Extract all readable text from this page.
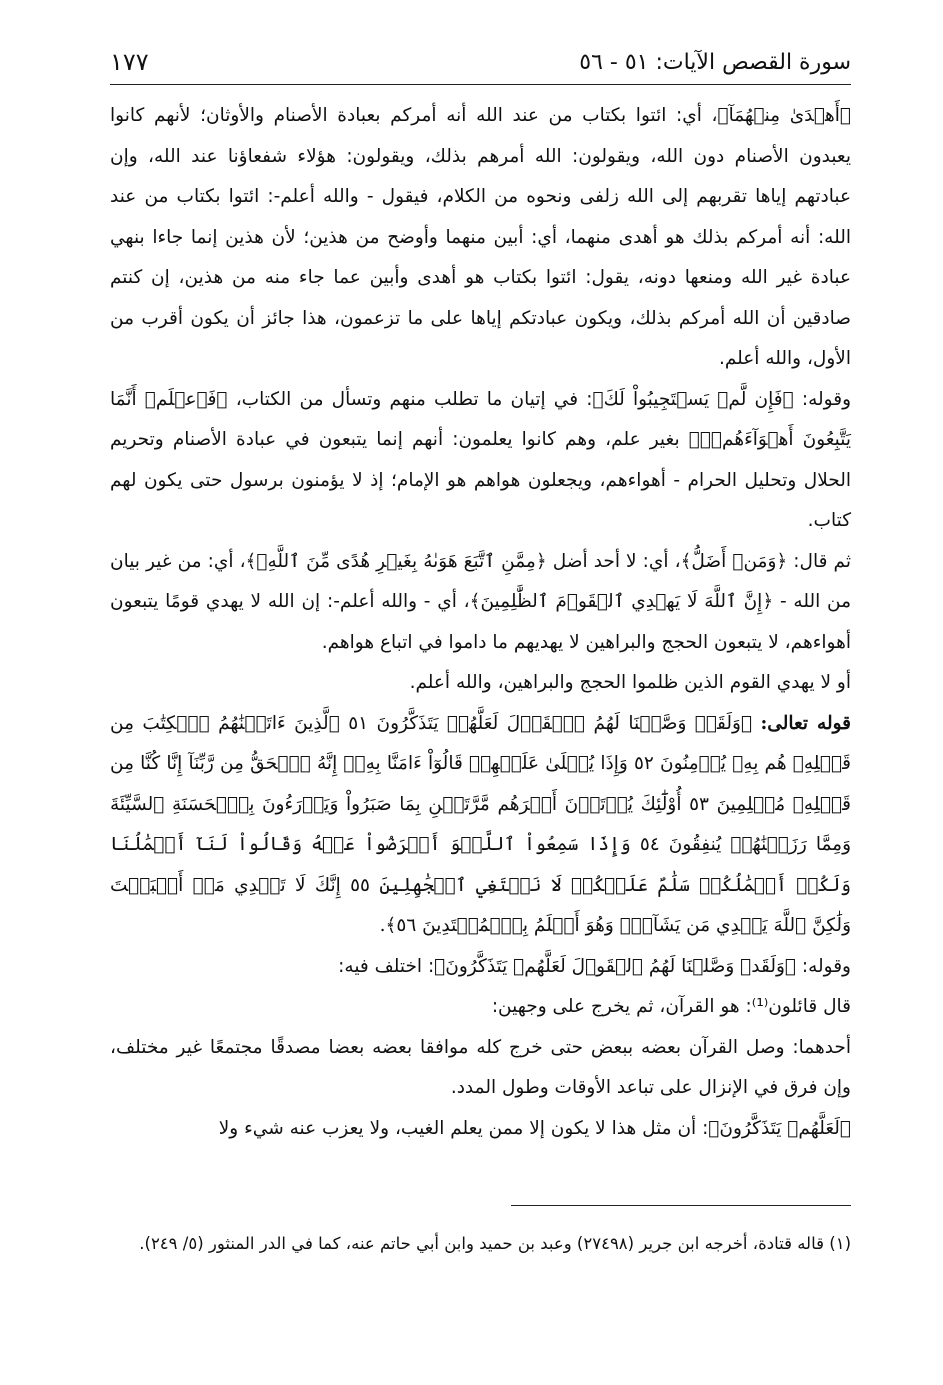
سورة القصص الآيات: ٥١ - ٥٦
١٧٧

﴿أَهۡدَىٰ مِنۡهُمَآ﴾، أي: ائتوا بكتاب من عند الله أنه أمركم بعبادة الأصنام والأوثان؛ لأنهم كانوا يعبدون الأصنام دون الله، ويقولون: الله أمرهم بذلك، ويقولون: هؤلاء شفعاؤنا عند الله، وإن عبادتهم إياها تقربهم إلى الله زلفى ونحوه من الكلام، فيقول - والله أعلم-: ائتوا بكتاب من عند الله: أنه أمركم بذلك هو أهدى منهما، أي: أبين منهما وأوضح من هذين؛ لأن هذين إنما جاءا بنهي عبادة غير الله ومنعها دونه، يقول: ائتوا بكتاب هو أهدى وأبين عما جاء منه من هذين، إن كنتم صادقين أن الله أمركم بذلك، ويكون عبادتكم إياها على ما تزعمون، هذا جائز أن يكون أقرب من الأول، والله أعلم.

وقوله: ﴿فَإِن لَّمۡ يَسۡتَجِيبُواْ لَكَ﴾: في إتيان ما تطلب منهم وتسأل من الكتاب، ﴿فَٱعۡلَمۡ أَنَّمَا يَتَّبِعُونَ أَهۡوَآءَهُمۡۚ﴾ بغير علم، وهم كانوا يعلمون: أنهم إنما يتبعون في عبادة الأصنام وتحريم الحلال وتحليل الحرام - أهواءهم، ويجعلون هواهم هو الإمام؛ إذ لا يؤمنون برسول حتى يكون لهم كتاب.

ثم قال: ﴿وَمَنۡ أَضَلُّ﴾، أي: لا أحد أضل ﴿مِمَّنِ ٱتَّبَعَ هَوَىٰهُ بِغَيۡرِ هُدًى مِّنَ ٱللَّهِۚ﴾، أي: من غير بيان من الله - ﴿إِنَّ ٱللَّهَ لَا يَهۡدِي ٱلۡقَوۡمَ ٱلظَّٰلِمِينَ﴾، أي - والله أعلم-: إن الله لا يهدي قومًا يتبعون أهواءهم، لا يتبعون الحجج والبراهين لا يهديهم ما داموا في اتباع هواهم.

أو لا يهدي القوم الذين ظلموا الحجج والبراهين، والله أعلم.

قوله تعالى: ﴿وَلَقَدۡ وَصَّلۡنَا لَهُمُ ٱلۡقَوۡلَ لَعَلَّهُمۡ يَتَذَكَّرُونَ ٥١ ٱلَّذِينَ ءَاتَيۡنَٰهُمُ ٱلۡكِتَٰبَ مِن قَبۡلِهِۦ هُم بِهِۦ يُؤۡمِنُونَ ٥٢ وَإِذَا يُتۡلَىٰ عَلَيۡهِمۡ قَالُوٓاْ ءَامَنَّا بِهِۦٓ إِنَّهُ ٱلۡحَقُّ مِن رَّبِّنَآ إِنَّا كُنَّا مِن قَبۡلِهِۦ مُسۡلِمِينَ ٥٣ أُوْلَٰٓئِكَ يُؤۡتَوۡنَ أَجۡرَهُم مَّرَّتَيۡنِ بِمَا صَبَرُواْ وَيَدۡرَءُونَ بِٱلۡحَسَنَةِ ٱلسَّيِّئَةَ وَمِمَّا رَزَقۡنَٰهُمۡ يُنفِقُونَ ٥٤ وَإِذَا سَمِعُواْ ٱللَّغۡوَ أَعۡرَضُواْ عَنۡهُ وَقَالُواْ لَنَآ أَعۡمَٰلُنَا وَلَكُمۡ أَعۡمَٰلُكُمۡ سَلَٰمٌ عَلَيۡكُمۡ لَا نَبۡتَغِي ٱلۡجَٰهِلِينَ ٥٥ إِنَّكَ لَا تَهۡدِي مَنۡ أَحۡبَبۡتَ وَلَٰكِنَّ ٱللَّهَ يَهۡدِي مَن يَشَآءُۚ وَهُوَ أَعۡلَمُ بِٱلۡمُهۡتَدِينَ ٥٦﴾.

وقوله: ﴿وَلَقَدۡ وَصَّلۡنَا لَهُمُ ٱلۡقَوۡلَ لَعَلَّهُمۡ يَتَذَكَّرُونَ﴾: اختلف فيه:

قال قائلون⁽¹⁾: هو القرآن، ثم يخرج على وجهين:

أحدهما: وصل القرآن بعضه ببعض حتى خرج كله موافقا بعضه بعضا مصدقًا مجتمعًا غير مختلف، وإن فرق في الإنزال على تباعد الأوقات وطول المدد.

﴿لَعَلَّهُمۡ يَتَذَكَّرُونَ﴾: أن مثل هذا لا يكون إلا ممن يعلم الغيب، ولا يعزب عنه شيء ولا

(١) قاله قتادة، أخرجه ابن جرير (٢٧٤٩٨) وعبد بن حميد وابن أبي حاتم عنه، كما في الدر المنثور (٥/ ٢٤٩).
